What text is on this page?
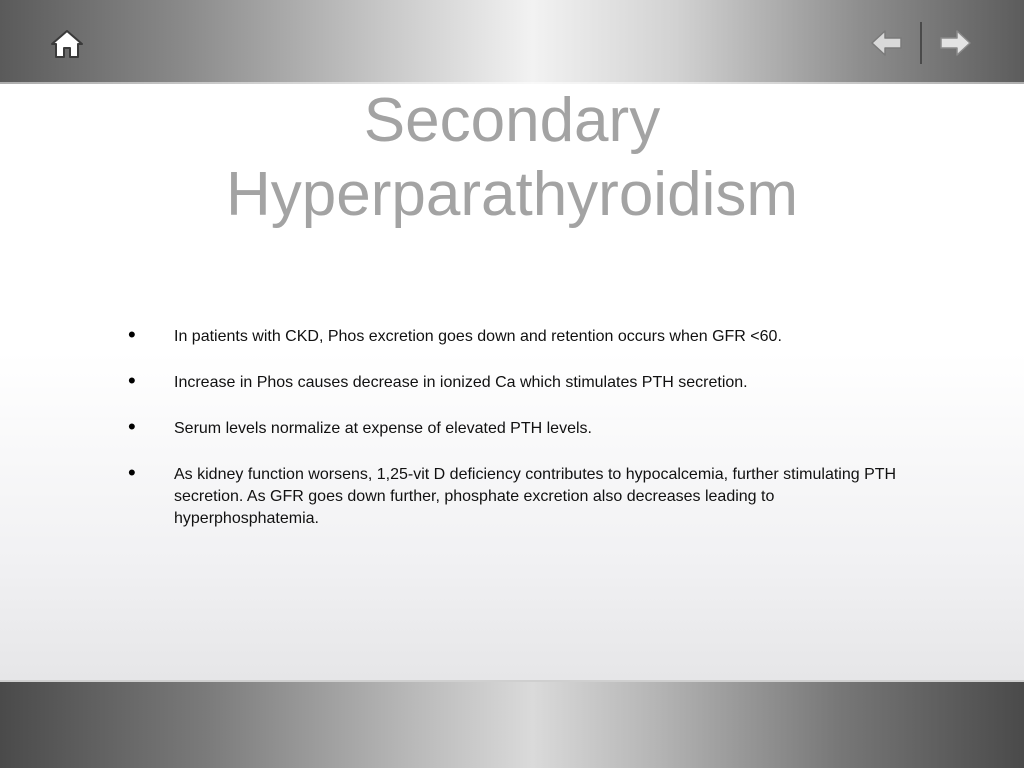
Secondary
Hyperparathyroidism
• In patients with CKD, Phos excretion goes down and retention occurs when GFR <60.
• Increase in Phos causes decrease in ionized Ca which stimulates PTH secretion.
• Serum levels normalize at expense of elevated PTH levels.
• As kidney function worsens, 1,25-vit D deficiency contributes to hypocalcemia, further stimulating PTH secretion. As GFR goes down further, phosphate excretion also decreases leading to hyperphosphatemia.
